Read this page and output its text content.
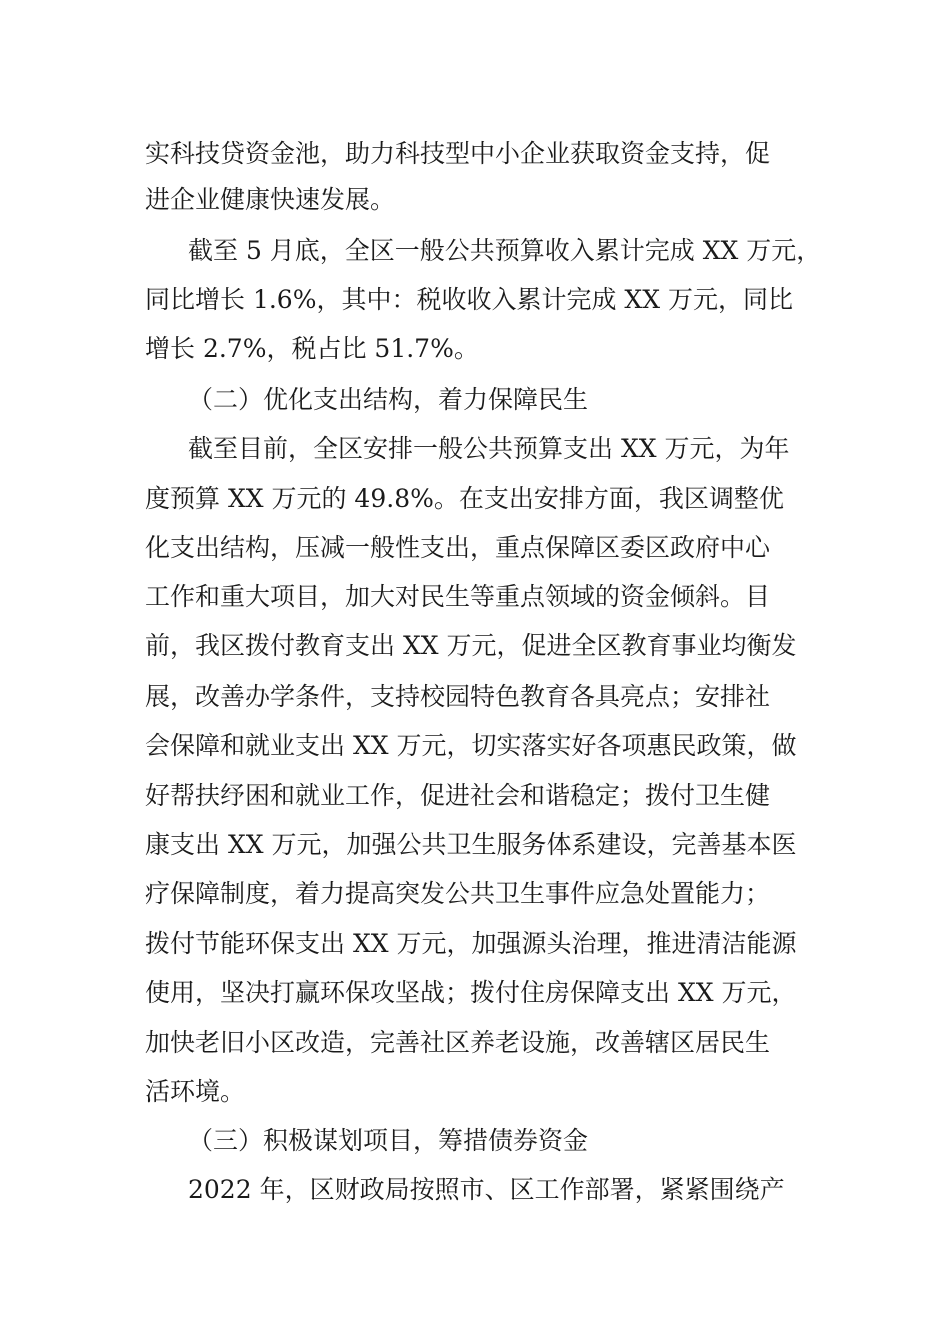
实科技贷资金池，助力科技型中小企业获取资金支持，促
进企业健康快速发展。
截至 5 月底，全区一般公共预算收入累计完成 XX 万元，
同比增长 1.6%，其中：税收收入累计完成 XX 万元，同比
增长 2.7%，税占比 51.7%。
（二）优化支出结构，着力保障民生
截至目前，全区安排一般公共预算支出 XX 万元，为年
度预算 XX 万元的 49.8%。在支出安排方面，我区调整优
化支出结构，压减一般性支出，重点保障区委区政府中心
工作和重大项目，加大对民生等重点领域的资金倾斜。目
前，我区拨付教育支出 XX 万元，促进全区教育事业均衡发
展，改善办学条件，支持校园特色教育各具亮点；安排社
会保障和就业支出 XX 万元，切实落实好各项惠民政策，做
好帮扶纾困和就业工作，促进社会和谐稳定；拨付卫生健
康支出 XX 万元，加强公共卫生服务体系建设，完善基本医
疗保障制度，着力提高突发公共卫生事件应急处置能力；
拨付节能环保支出 XX 万元，加强源头治理，推进清洁能源
使用，坚决打赢环保攻坚战；拨付住房保障支出 XX 万元，
加快老旧小区改造，完善社区养老设施，改善辖区居民生
活环境。
（三）积极谋划项目，筹措债券资金
2022 年，区财政局按照市、区工作部署，紧紧围绕产
